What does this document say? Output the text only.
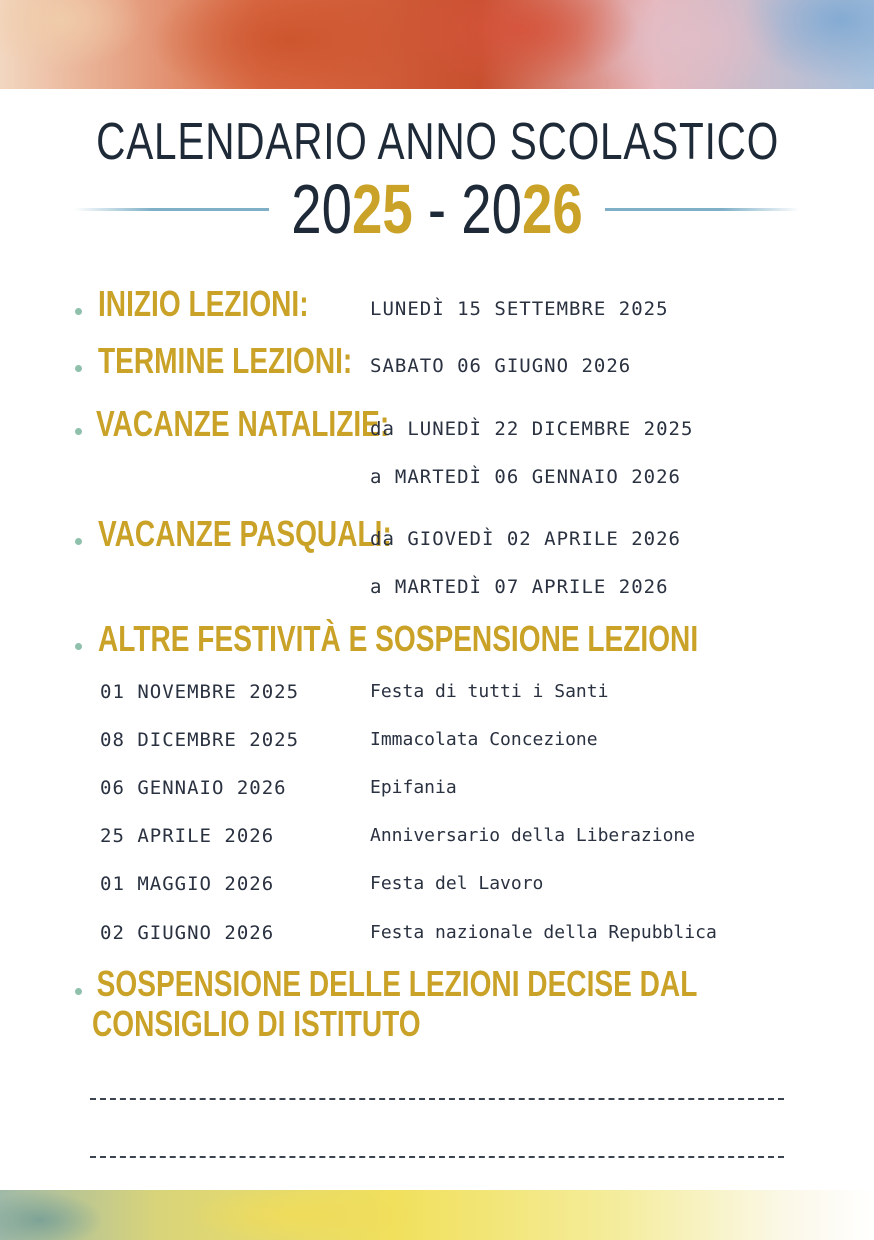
CALENDARIO ANNO SCOLASTICO
2025 - 2026
INIZIO LEZIONI:	LUNEDÌ 15 SETTEMBRE 2025
TERMINE LEZIONI: SABATO 06 GIUGNO 2026
VACANZE NATALIZIE:
da LUNEDÌ 22 DICEMBRE 2025
a MARTEDÌ 06 GENNAIO 2026
VACANZE PASQUALI:
da GIOVEDÌ 02 APRILE 2026
a MARTEDÌ 07 APRILE 2026
ALTRE FESTIVITÀ E SOSPENSIONE LEZIONI
01 NOVEMBRE 2025	Festa di tutti i Santi
08 DICEMBRE 2025	Immacolata Concezione
06 GENNAIO 2026	Epifania
25 APRILE 2026	Anniversario della Liberazione
01 MAGGIO 2026	Festa del Lavoro
02 GIUGNO 2026	Festa nazionale della Repubblica
SOSPENSIONE DELLE LEZIONI DECISE DAL CONSIGLIO DI ISTITUTO
